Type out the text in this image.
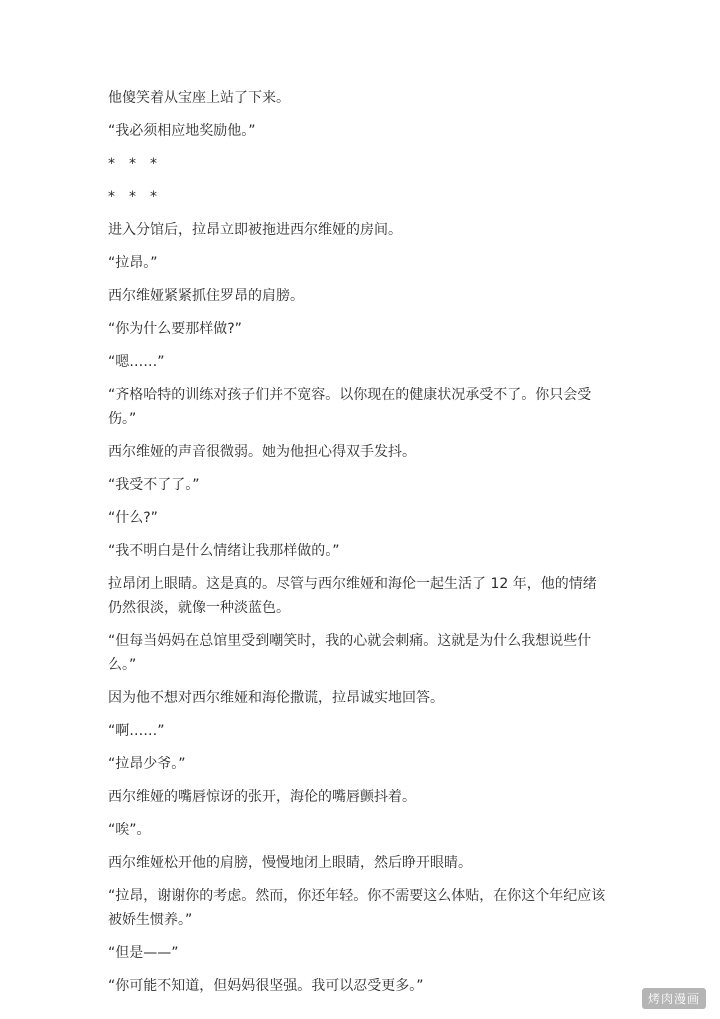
他傻笑着从宝座上站了下来。

“我必须相应地奖励他。”

*　*　*

*　*　*

进入分馆后，拉昂立即被拖进西尔维娅的房间。

“拉昂。”

西尔维娅紧紧抓住罗昂的肩膀。

“你为什么要那样做?”

“嗯……”

“齐格哈特的训练对孩子们并不宽容。以你现在的健康状况承受不了。你只会受伤。”

西尔维娅的声音很微弱。她为他担心得双手发抖。

“我受不了了。”

“什么?”

“我不明白是什么情绪让我那样做的。”

拉昂闭上眼睛。这是真的。尽管与西尔维娅和海伦一起生活了 12 年，他的情绪仍然很淡，就像一种淡蓝色。

“但每当妈妈在总馆里受到嘲笑时，我的心就会刺痛。这就是为什么我想说些什么。”

因为他不想对西尔维娅和海伦撒谎，拉昂诚实地回答。

“啊……”

“拉昂少爷。”

西尔维娅的嘴唇惊讶的张开，海伦的嘴唇颤抖着。

“唉”。

西尔维娅松开他的肩膀，慢慢地闭上眼睛，然后睁开眼睛。

“拉昂，谢谢你的考虑。然而，你还年轻。你不需要这么体贴，在你这个年纪应该被娇生惯养。”

“但是——”

“你可能不知道，但妈妈很坚强。我可以忍受更多。”

烤肉漫画
